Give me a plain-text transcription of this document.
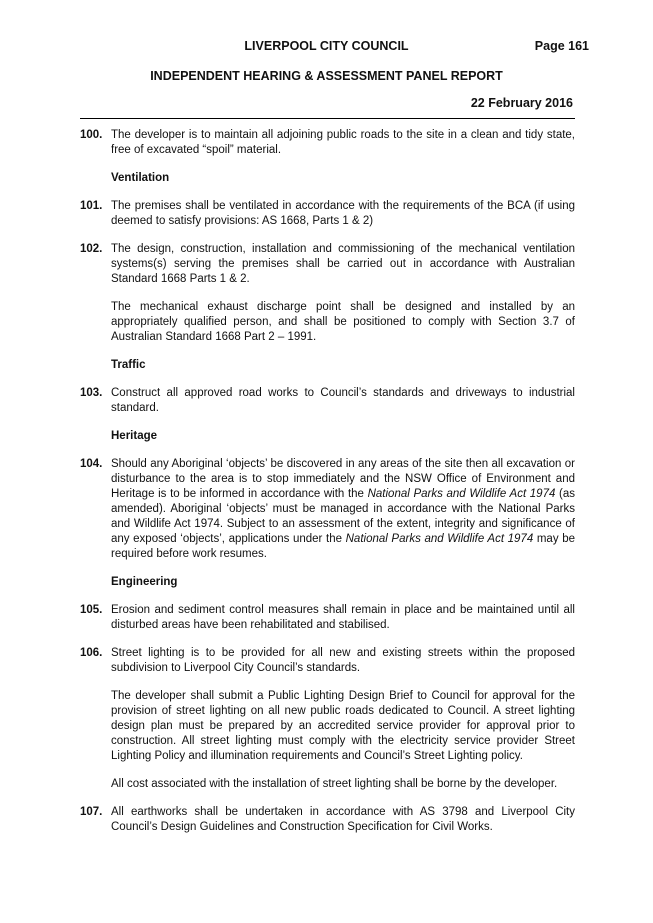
LIVERPOOL CITY COUNCIL	Page 161
INDEPENDENT HEARING & ASSESSMENT PANEL REPORT
22 February 2016
100. The developer is to maintain all adjoining public roads to the site in a clean and tidy state, free of excavated “spoil” material.

Ventilation
101. The premises shall be ventilated in accordance with the requirements of the BCA (if using deemed to satisfy provisions: AS 1668, Parts 1 & 2)

102. The design, construction, installation and commissioning of the mechanical ventilation systems(s) serving the premises shall be carried out in accordance with Australian Standard 1668 Parts 1 & 2.

The mechanical exhaust discharge point shall be designed and installed by an appropriately qualified person, and shall be positioned to comply with Section 3.7 of Australian Standard 1668 Part 2 – 1991.

Traffic
103. Construct all approved road works to Council’s standards and driveways to industrial standard.

Heritage
104. Should any Aboriginal ‘objects’ be discovered in any areas of the site then all excavation or disturbance to the area is to stop immediately and the NSW Office of Environment and Heritage is to be informed in accordance with the National Parks and Wildlife Act 1974 (as amended). Aboriginal ‘objects’ must be managed in accordance with the National Parks and Wildlife Act 1974. Subject to an assessment of the extent, integrity and significance of any exposed ‘objects’, applications under the National Parks and Wildlife Act 1974 may be required before work resumes.

Engineering
105. Erosion and sediment control measures shall remain in place and be maintained until all disturbed areas have been rehabilitated and stabilised.

106. Street lighting is to be provided for all new and existing streets within the proposed subdivision to Liverpool City Council’s standards.

The developer shall submit a Public Lighting Design Brief to Council for approval for the provision of street lighting on all new public roads dedicated to Council. A street lighting design plan must be prepared by an accredited service provider for approval prior to construction. All street lighting must comply with the electricity service provider Street Lighting Policy and illumination requirements and Council’s Street Lighting policy.

All cost associated with the installation of street lighting shall be borne by the developer.

107. All earthworks shall be undertaken in accordance with AS 3798 and Liverpool City Council’s Design Guidelines and Construction Specification for Civil Works.
